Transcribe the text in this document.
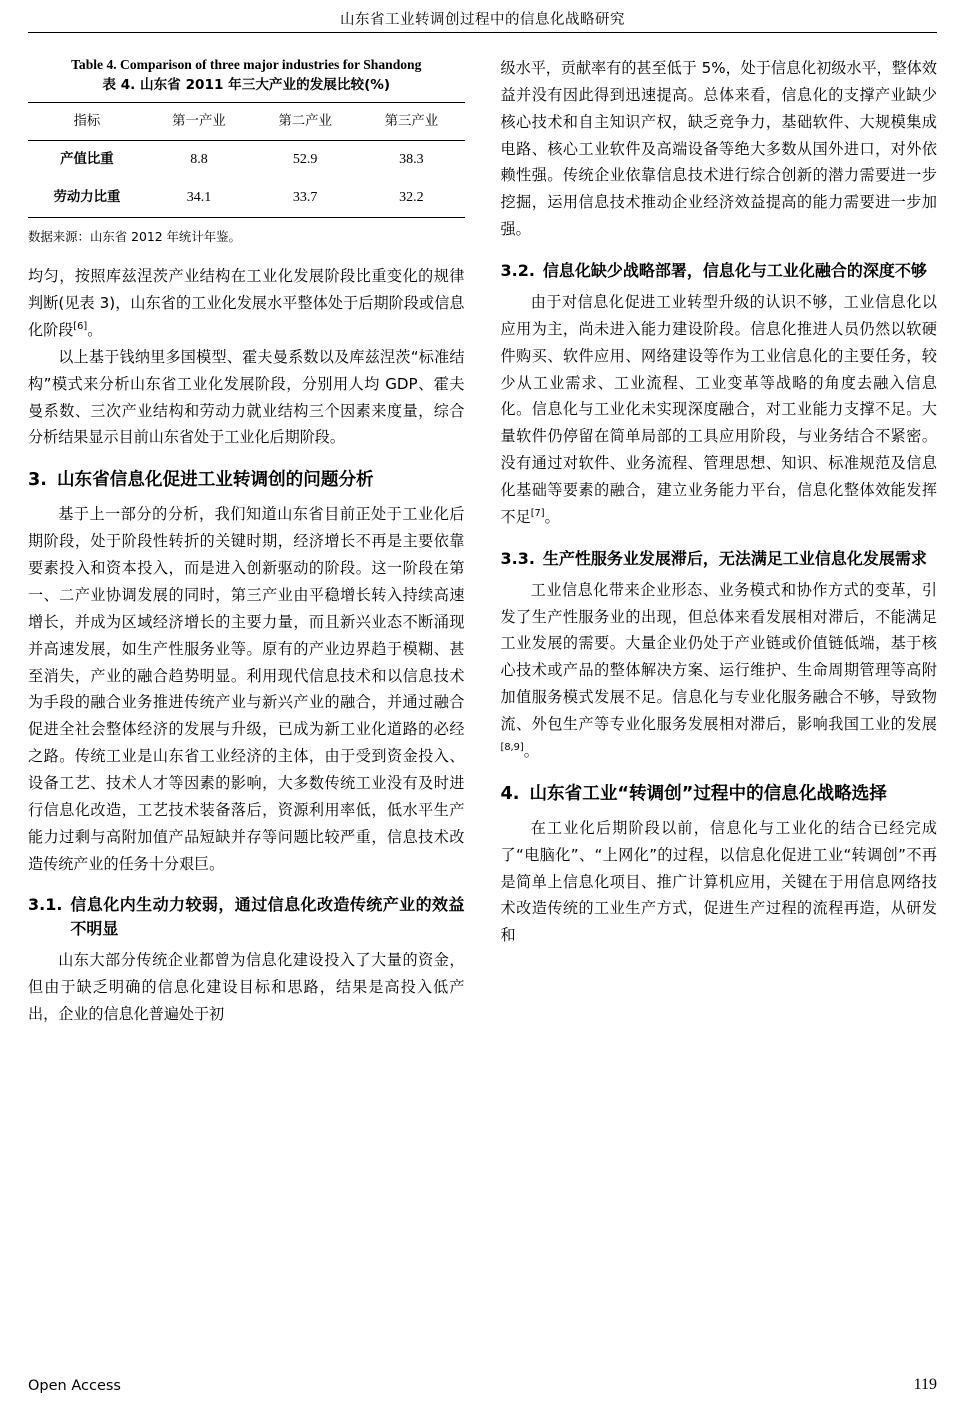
山东省工业转调创过程中的信息化战略研究
Table 4. Comparison of three major industries for Shandong
表 4. 山东省 2011 年三大产业的发展比较(%)
指标	第一产业	第二产业	第三产业
产值比重	8.8	52.9	38.3
劳动力比重	34.1	33.7	32.2
数据来源：山东省 2012 年统计年鉴。

均匀，按照库兹涅茨产业结构在工业化发展阶段比重变化的规律判断(见表 3)，山东省的工业化发展水平整体处于后期阶段或信息化阶段[6]。

以上基于钱纳里多国模型、霍夫曼系数以及库兹涅茨“标准结构”模式来分析山东省工业化发展阶段，分别用人均 GDP、霍夫曼系数、三次产业结构和劳动力就业结构三个因素来度量，综合分析结果显示目前山东省处于工业化后期阶段。

3. 山东省信息化促进工业转调创的问题分析

基于上一部分的分析，我们知道山东省目前正处于工业化后期阶段，处于阶段性转折的关键时期，经济增长不再是主要依靠要素投入和资本投入，而是进入创新驱动的阶段。这一阶段在第一、二产业协调发展的同时，第三产业由平稳增长转入持续高速增长，并成为区域经济增长的主要力量，而且新兴业态不断涌现并高速发展，如生产性服务业等。原有的产业边界趋于模糊、甚至消失，产业的融合趋势明显。利用现代信息技术和以信息技术为手段的融合业务推进传统产业与新兴产业的融合，并通过融合促进全社会整体经济的发展与升级，已成为新工业化道路的必经之路。传统工业是山东省工业经济的主体，由于受到资金投入、设备工艺、技术人才等因素的影响，大多数传统工业没有及时进行信息化改造，工艺技术装备落后，资源利用率低，低水平生产能力过剩与高附加值产品短缺并存等问题比较严重，信息技术改造传统产业的任务十分艰巨。

3.1. 信息化内生动力较弱，通过信息化改造传统产业的效益不明显

山东大部分传统企业都曾为信息化建设投入了大量的资金，但由于缺乏明确的信息化建设目标和思路，结果是高投入低产出，企业的信息化普遍处于初

级水平，贡献率有的甚至低于 5%，处于信息化初级水平，整体效益并没有因此得到迅速提高。总体来看，信息化的支撑产业缺少核心技术和自主知识产权，缺乏竞争力，基础软件、大规模集成电路、核心工业软件及高端设备等绝大多数从国外进口，对外依赖性强。传统企业依靠信息技术进行综合创新的潜力需要进一步挖掘，运用信息技术推动企业经济效益提高的能力需要进一步加强。

3.2. 信息化缺少战略部署，信息化与工业化融合的深度不够

由于对信息化促进工业转型升级的认识不够，工业信息化以应用为主，尚未进入能力建设阶段。信息化推进人员仍然以软硬件购买、软件应用、网络建设等作为工业信息化的主要任务，较少从工业需求、工业流程、工业变革等战略的角度去融入信息化。信息化与工业化未实现深度融合，对工业能力支撑不足。大量软件仍停留在简单局部的工具应用阶段，与业务结合不紧密。没有通过对软件、业务流程、管理思想、知识、标准规范及信息化基础等要素的融合，建立业务能力平台，信息化整体效能发挥不足[7]。

3.3. 生产性服务业发展滞后，无法满足工业信息化发展需求

工业信息化带来企业形态、业务模式和协作方式的变革，引发了生产性服务业的出现，但总体来看发展相对滞后，不能满足工业发展的需要。大量企业仍处于产业链或价值链低端，基于核心技术或产品的整体解决方案、运行维护、生命周期管理等高附加值服务模式发展不足。信息化与专业化服务融合不够，导致物流、外包生产等专业化服务发展相对滞后，影响我国工业的发展[8,9]。

4. 山东省工业“转调创”过程中的信息化战略选择

在工业化后期阶段以前，信息化与工业化的结合已经完成了“电脑化”、“上网化”的过程，以信息化促进工业“转调创”不再是简单上信息化项目、推广计算机应用，关键在于用信息网络技术改造传统的工业生产方式，促进生产过程的流程再造，从研发和

Open Access	119
